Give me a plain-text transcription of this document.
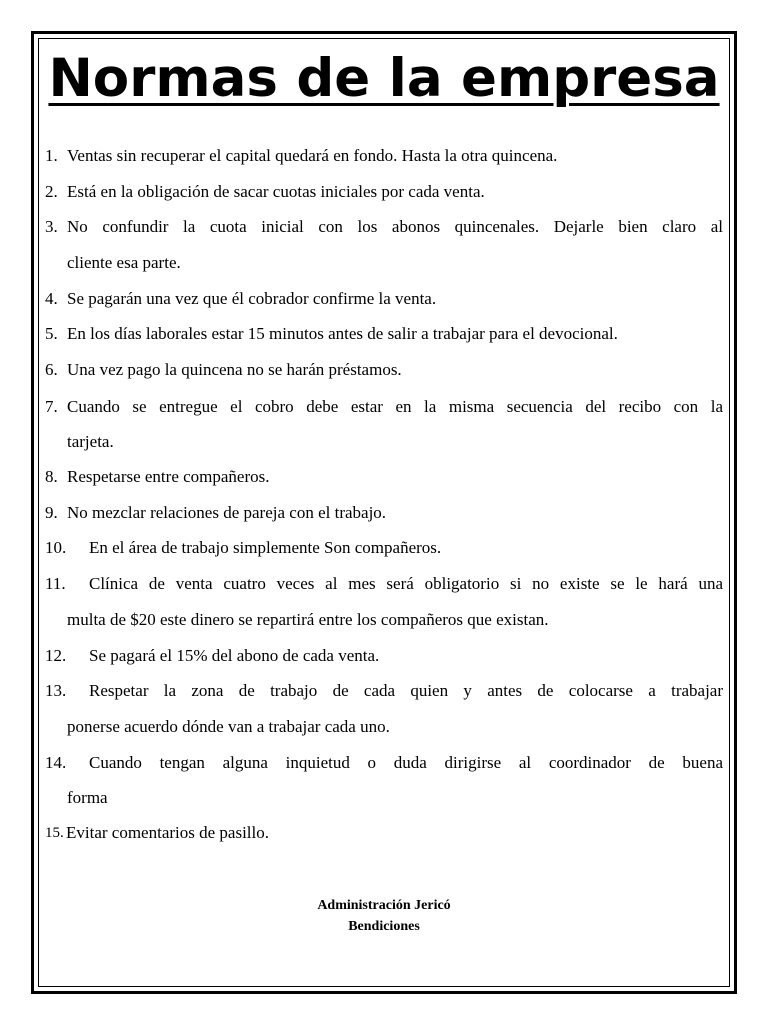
Normas de la empresa
1. Ventas sin recuperar el capital quedará en fondo. Hasta la otra quincena.
2. Está en la obligación de sacar cuotas iniciales por cada venta.
3. No confundir la cuota inicial con los abonos quincenales. Dejarle bien claro al
cliente esa parte.
4. Se pagarán una vez que él cobrador confirme la venta.
5. En los días laborales estar 15 minutos antes de salir a trabajar para el devocional.
6. Una vez pago la quincena no se harán préstamos.
7. Cuando se entregue el cobro debe estar en la misma secuencia del recibo con la
tarjeta.
8. Respetarse entre compañeros.
9. No mezclar relaciones de pareja con el trabajo.
10. En el área de trabajo simplemente Son compañeros.
11. Clínica de venta cuatro veces al mes será obligatorio si no existe se le hará una
multa de $20 este dinero se repartirá entre los compañeros que existan.
12. Se pagará el 15% del abono de cada venta.
13. Respetar la zona de trabajo de cada quien y antes de colocarse a trabajar
ponerse acuerdo dónde van a trabajar cada uno.
14. Cuando tengan alguna inquietud o duda dirigirse al coordinador de buena
forma
15. Evitar comentarios de pasillo.
Administración Jericó
Bendiciones
